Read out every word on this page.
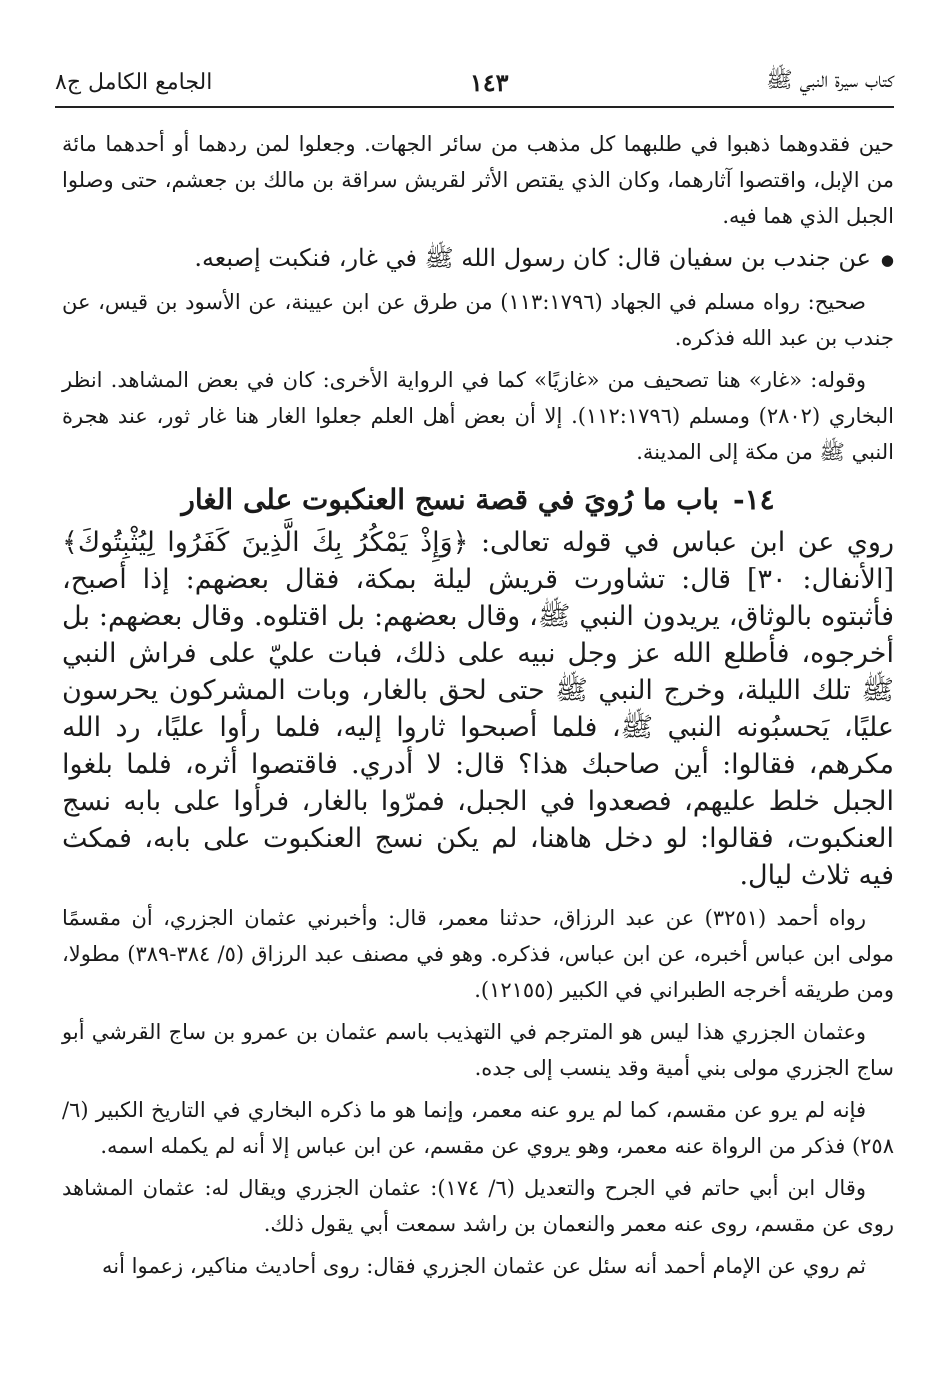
كتاب سيرة النبي ﷺ
١٤٣
الجامع الكامل ج٨

حين فقدوهما ذهبوا في طلبهما كل مذهب من سائر الجهات. وجعلوا لمن ردهما أو أحدهما مائة من الإبل، واقتصوا آثارهما، وكان الذي يقتص الأثر لقريش سراقة بن مالك بن جعشم، حتى وصلوا الجبل الذي هما فيه.

● عن جندب بن سفيان قال: كان رسول الله ﷺ في غار، فنكبت إصبعه.

صحيح: رواه مسلم في الجهاد (١١٣:١٧٩٦) من طرق عن ابن عيينة، عن الأسود بن قيس، عن جندب بن عبد الله فذكره.

وقوله: «غار» هنا تصحيف من «غازيًا» كما في الرواية الأخرى: كان في بعض المشاهد. انظر البخاري (٢٨٠٢) ومسلم (١١٢:١٧٩٦). إلا أن بعض أهل العلم جعلوا الغار هنا غار ثور، عند هجرة النبي ﷺ من مكة إلى المدينة.

١٤-باب ما رُويَ في قصة نسج العنكبوت على الغار

روي عن ابن عباس في قوله تعالى: ﴿وَإِذْ يَمْكُرُ بِكَ الَّذِينَ كَفَرُوا لِيُثْبِتُوكَ﴾ [الأنفال: ٣٠] قال: تشاورت قريش ليلة بمكة، فقال بعضهم: إذا أصبح، فأثبتوه بالوثاق، يريدون النبي ﷺ، وقال بعضهم: بل اقتلوه. وقال بعضهم: بل أخرجوه، فأطلع الله عز وجل نبيه على ذلك، فبات عليّ على فراش النبي ﷺ تلك الليلة، وخرج النبي ﷺ حتى لحق بالغار، وبات المشركون يحرسون عليًا، يَحسبُونه النبي ﷺ، فلما أصبحوا ثاروا إليه، فلما رأوا عليًا، رد الله مكرهم، فقالوا: أين صاحبك هذا؟ قال: لا أدري. فاقتصوا أثره، فلما بلغوا الجبل خلط عليهم، فصعدوا في الجبل، فمرّوا بالغار، فرأوا على بابه نسج العنكبوت، فقالوا: لو دخل هاهنا، لم يكن نسج العنكبوت على بابه، فمكث فيه ثلاث ليال.

رواه أحمد (٣٢٥١) عن عبد الرزاق، حدثنا معمر، قال: وأخبرني عثمان الجزري، أن مقسمًا مولى ابن عباس أخبره، عن ابن عباس، فذكره. وهو في مصنف عبد الرزاق (٥/ ٣٨٤-٣٨٩) مطولا، ومن طريقه أخرجه الطبراني في الكبير (١٢١٥٥).

وعثمان الجزري هذا ليس هو المترجم في التهذيب باسم عثمان بن عمرو بن ساج القرشي أبو ساج الجزري مولى بني أمية وقد ينسب إلى جده.

فإنه لم يرو عن مقسم، كما لم يرو عنه معمر، وإنما هو ما ذكره البخاري في التاريخ الكبير (٦/ ٢٥٨) فذكر من الرواة عنه معمر، وهو يروي عن مقسم، عن ابن عباس إلا أنه لم يكمله اسمه.

وقال ابن أبي حاتم في الجرح والتعديل (٦/ ١٧٤): عثمان الجزري ويقال له: عثمان المشاهد روى عن مقسم، روى عنه معمر والنعمان بن راشد سمعت أبي يقول ذلك.

ثم روي عن الإمام أحمد أنه سئل عن عثمان الجزري فقال: روى أحاديث مناكير، زعموا أنه
